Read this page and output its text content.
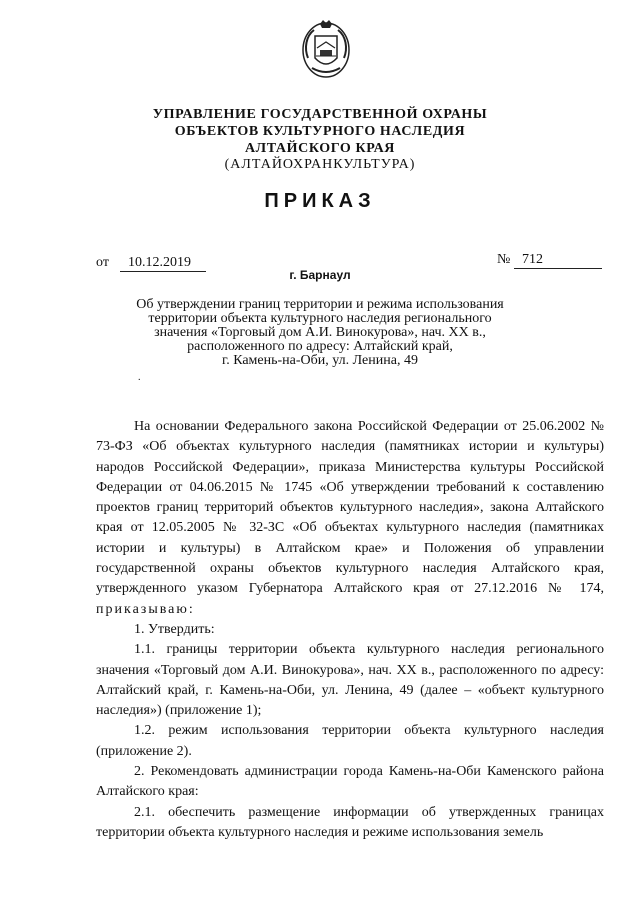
УПРАВЛЕНИЕ ГОСУДАРСТВЕННОЙ ОХРАНЫ
ОБЪЕКТОВ КУЛЬТУРНОГО НАСЛЕДИЯ
АЛТАЙСКОГО КРАЯ
(АЛТАЙОХРАНКУЛЬТУРА)
ПРИКАЗ
от 10.12.2019	№ 712
г. Барнаул
Об утверждении границ территории и режима использования
территории объекта культурного наследия регионального
значения «Торговый дом А.И. Винокурова», нач. XX в.,
расположенного по адресу: Алтайский край,
г. Камень-на-Оби, ул. Ленина, 49
.

На основании Федерального закона Российской Федерации от 25.06.2002 № 73-ФЗ «Об объектах культурного наследия (памятниках истории и культуры) народов Российской Федерации», приказа Министерства культуры Российской Федерации от 04.06.2015 № 1745 «Об утверждении требований к составлению проектов границ территорий объектов культурного наследия», закона Алтайского края от 12.05.2005 № 32-ЗС «Об объектах культурного наследия (памятниках истории и культуры) в Алтайском крае» и Положения об управлении государственной охраны объектов культурного наследия Алтайского края, утвержденного указом Губернатора Алтайского края от 27.12.2016 № 174, приказываю:

1. Утвердить:

1.1. границы территории объекта культурного наследия регионального значения «Торговый дом А.И. Винокурова», нач. XX в., расположенного по адресу: Алтайский край, г. Камень-на-Оби, ул. Ленина, 49 (далее – «объект культурного наследия») (приложение 1);

1.2. режим использования территории объекта культурного наследия (приложение 2).

2. Рекомендовать администрации города Камень-на-Оби Каменского района Алтайского края:

2.1. обеспечить размещение информации об утвержденных границах территории объекта культурного наследия и режиме использования земель
